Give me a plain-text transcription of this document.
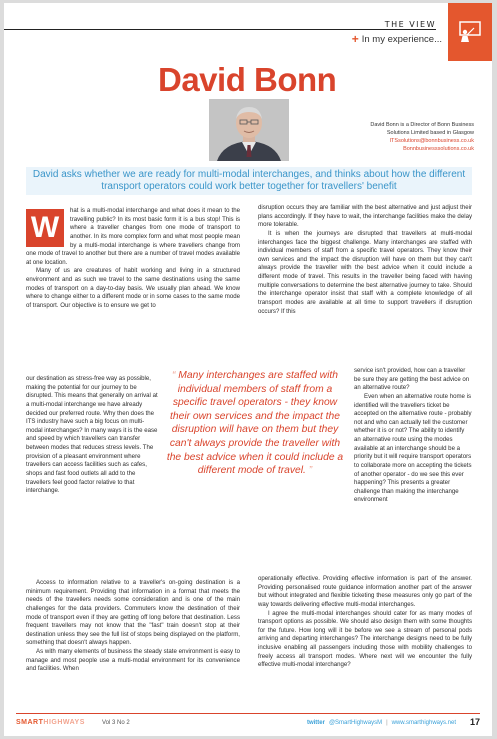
THE VIEW
+ In my experience...
David Bonn
David Bonn is a Director of Bonn Business
Solutions Limited based in Glasgow
ITSsolutions@bonnbusiness.co.uk
Bonnbusinesssolutions.co.uk
David asks whether we are ready for multi-modal interchanges, and thinks about how the different transport operators could work better together for travellers' benefit
W

hat is a multi-modal interchange and what does it mean to the travelling public? In its most basic form it is a bus stop! This is where a traveller changes from one mode of transport to another. In its more complex form and what most people mean by a multi-modal interchange is where travellers change from one mode of travel to another but there are a number of travel modes available at one location.

Many of us are creatures of habit working and living in a structured environment and as such we travel to the same destinations using the same modes of transport on a day-to-day basis. We usually plan ahead. We know where to change either to a different mode or in some cases to the same mode of transport. Our objective is to ensure we get to

our destination as stress-free way as possible, making the potential for our journey to be disrupted. This means that generally on arrival at a multi-modal interchange we have already decided our preferred route. Why then does the ITS industry have such a big focus on multi-modal interchanges? In many ways it is the ease and speed by which travellers can transfer between modes that reduces stress levels. The provision of a pleasant environment where travellers can access facilities such as cafes, shops and fast food outlets all add to the travellers feel good factor relative to that interchange.

“ Many interchanges are staffed with individual members of staff from a specific travel operators - they know their own services and the impact the disruption will have on them but they can't always provide the traveller with the best advice when it could include a different mode of travel. ”

Access to information relative to a traveller's on-going destination is a minimum requirement. Providing that information in a format that meets the needs of the travellers needs some consideration and is one of the main challenges for the data providers. Commuters know the destination of their mode of transport even if they are getting off long before that destination. Less frequent travellers may not know that the "fast" train doesn't stop at their destination unless they see the full list of stops being displayed on the platform, something that doesn't always happen.

As with many elements of business the steady state environment is easy to manage and most people use a multi-modal environment for its convenience and facilities. When

disruption occurs they are familiar with the best alternative and just adjust their plans accordingly. If they have to wait, the interchange facilities make the delay more tolerable.

It is when the journeys are disrupted that travellers at multi-modal interchanges face the biggest challenge. Many interchanges are staffed with individual members of staff from a specific travel operators. They know their own services and the impact the disruption will have on them but they can't always provide the traveller with the best advice when it could include a different mode of travel. This results in the traveller being faced with having multiple conversations to determine the best alternative journey to take. Should the interchange operator insist that staff with a complete knowledge of all transport modes are available at all time to support travellers if disruption occurs? If this

service isn't provided, how can a traveller be sure they are getting the best advice on an alternative route?

Even when an alternative route home is identified will the travellers ticket be accepted on the alternative route - probably not and who can actually tell the customer whether it is or not? The ability to identify an alternative route using the modes available at an interchange should be a priority but it will require transport operators to collaborate more on accepting the tickets of another operator - do we see this ever happening? This presents a greater challenge than making the interchange environment

operationally effective. Providing effective information is part of the answer. Providing personalised route guidance information another part of the answer but without integrated and flexible ticketing these measures only go part of the way towards delivering effective multi-modal interchanges.

I agree the multi-modal interchanges should cater for as many modes of transport options as possible. We should also design them with some thoughts for the future. How long will it be before we see a stream of personal pods arriving and departing interchanges? The interchange designs need to be fully inclusive enabling all passengers including those with mobility challenges to freely access all transport modes. Where next will we encounter the fully effective multi-modal interchange?

SMARTHIGHWAYS	Vol 3 No 2	twitter @SmartHighwaysM | www.smarthighways.net 17
